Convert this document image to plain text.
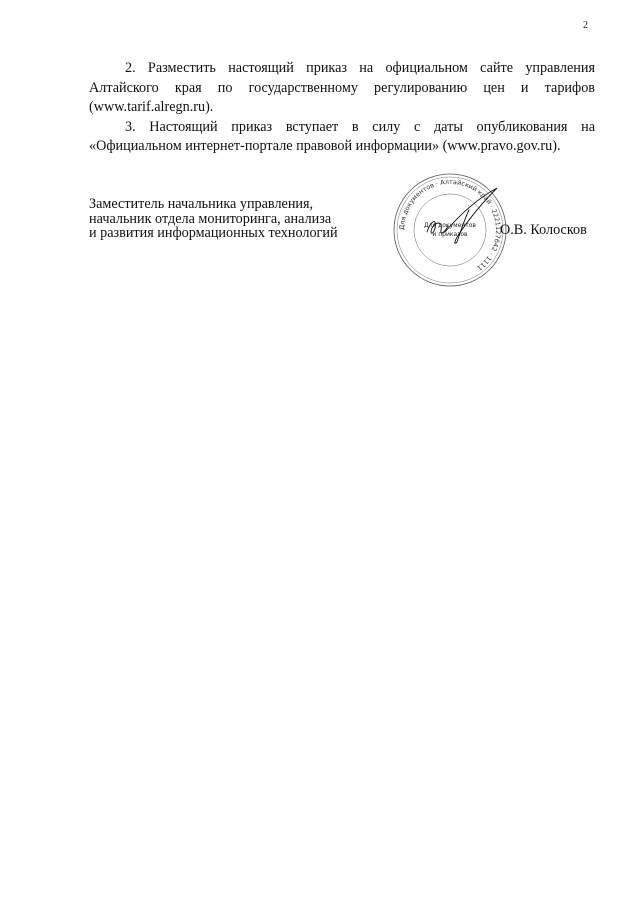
2

2. Разместить настоящий приказ на официальном сайте управления Алтайского края по государственному регулированию цен и тарифов (www.tarif.alregn.ru).

3. Настоящий приказ вступает в силу с даты опубликования на «Официальном интернет-портале правовой информации» (www.pravo.gov.ru).

Заместитель начальника управления,
начальник отдела мониторинга, анализа
и развития информационных технологий	Для документов · Алтайский край · 2221127642 · 1111
Для документов
и приказов О.В. Колосков
